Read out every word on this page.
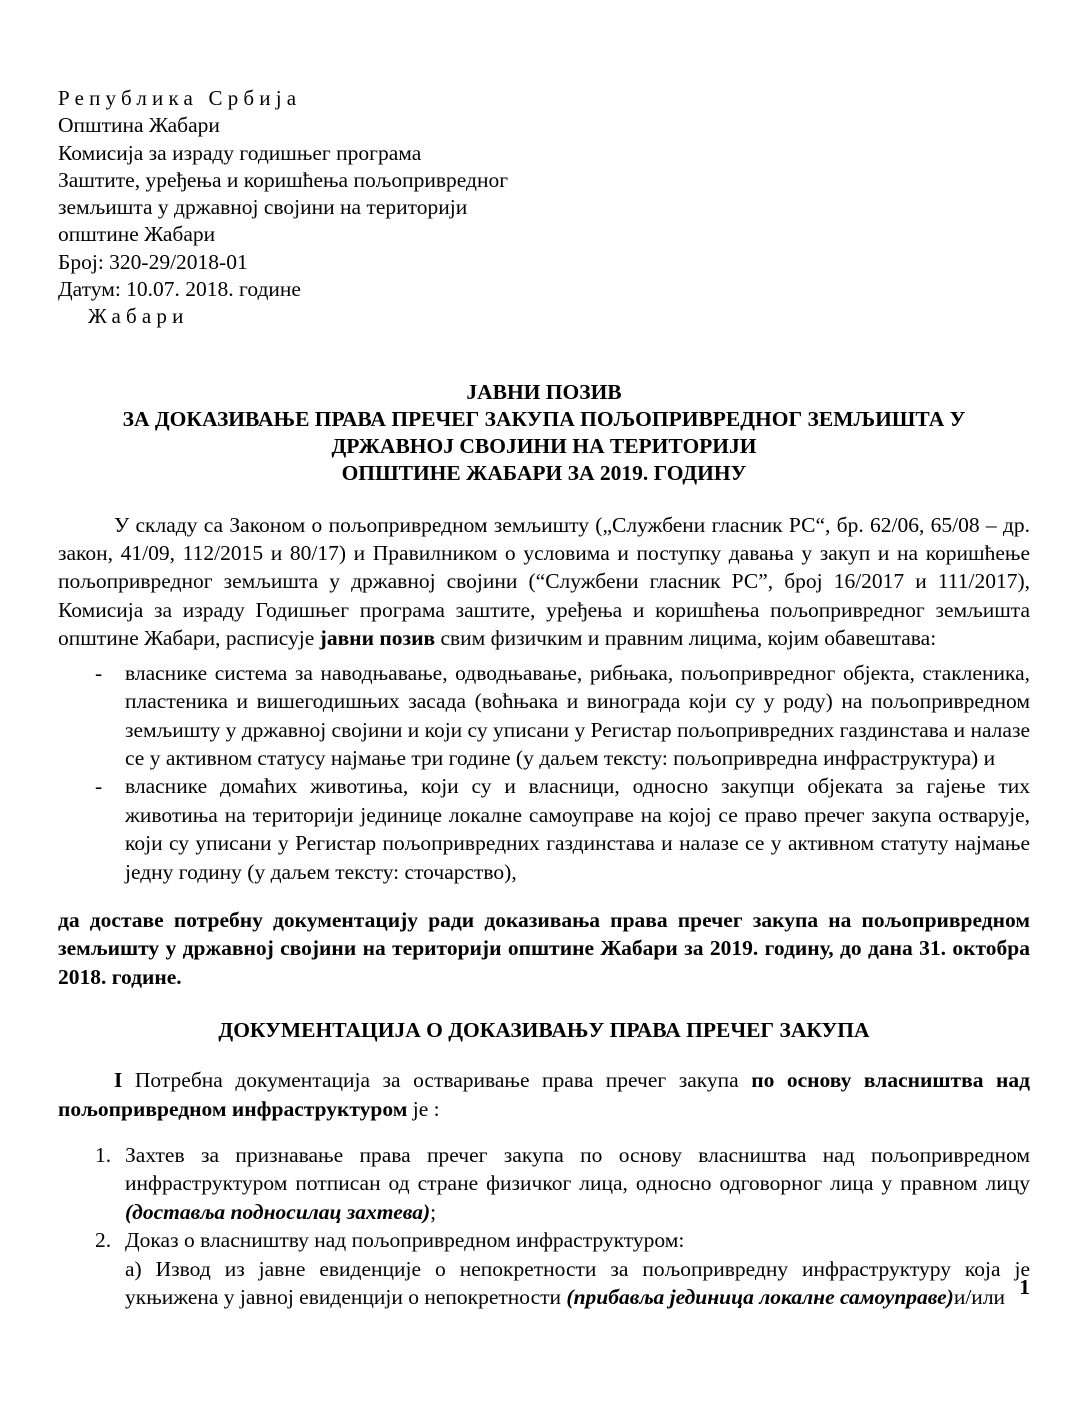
Република Србија
Општина Жабари
Комисија за израду годишњег програма
Заштите, уређења и коришћења пољопривредног
земљишта у државној својини на територији
општине Жабари
Број: 320-29/2018-01
Датум: 10.07. 2018. године
Жабари
ЈАВНИ ПОЗИВ
ЗА ДОКАЗИВАЊЕ ПРАВА ПРЕЧЕГ ЗАКУПА ПОЉОПРИВРЕДНОГ ЗЕМЉИШТА У
ДРЖАВНОЈ СВОЈИНИ НА ТЕРИТОРИЈИ
ОПШТИНЕ ЖАБАРИ ЗА 2019. ГОДИНУ

У складу са Законом о пољопривредном земљишту („Службени гласник РС“, бр. 62/06, 65/08 – др. закон, 41/09, 112/2015 и 80/17) и Правилником о условима и поступку давања у закуп и на коришћење пољопривредног земљишта у државној својини (“Службени гласник РС”, број 16/2017 и 111/2017), Комисија за израду Годишњег програма заштите, уређења и коришћења пољопривредног земљишта општине Жабари, расписује јавни позив свим физичким и правним лицима, којим обавештава:

- власнике система за наводњавање, одводњавање, рибњака, пољопривредног објекта, стакленика, пластеника и вишегодишњих засада (воћњака и винограда који су у роду) на пољопривредном земљишту у државној својини и који су уписани у Регистар пољопривредних газдинстава и налазе се у активном статусу најмање три године (у даљем тексту: пољопривредна инфраструктура) и
- власнике домаћих животиња, који су и власници, односно закупци објеката за гајење тих животиња на територији јединице локалне самоуправе на којој се право пречег закупа остварује, који су уписани у Регистар пољопривредних газдинстава и налазе се у активном статуту најмање једну годину (у даљем тексту: сточарство),

да доставе потребну документацију ради доказивања права пречег закупа на пољопривредном земљишту у државној својини на територији општине Жабари за 2019. годину, до дана 31. октобра 2018. године.

ДОКУМЕНТАЦИЈА О ДОКАЗИВАЊУ ПРАВА ПРЕЧЕГ ЗАКУПА

I Потребна документација за остваривање права пречег закупа по основу власништва над пољопривредном инфраструктуром је :

1. Захтев за признавање права пречег закупа по основу власништва над пољопривредном инфраструктуром потписан од стране физичког лица, односно одговорног лица у правном лицу (доставља подносилац захтева);
2. Доказ о власништву над пољопривредном инфраструктуром:
а) Извод из јавне евиденције о непокретности за пољопривредну инфраструктуру која је укњижена у јавној евиденцији о непокретности (прибавља јединица локалне самоуправе)и/или 1
